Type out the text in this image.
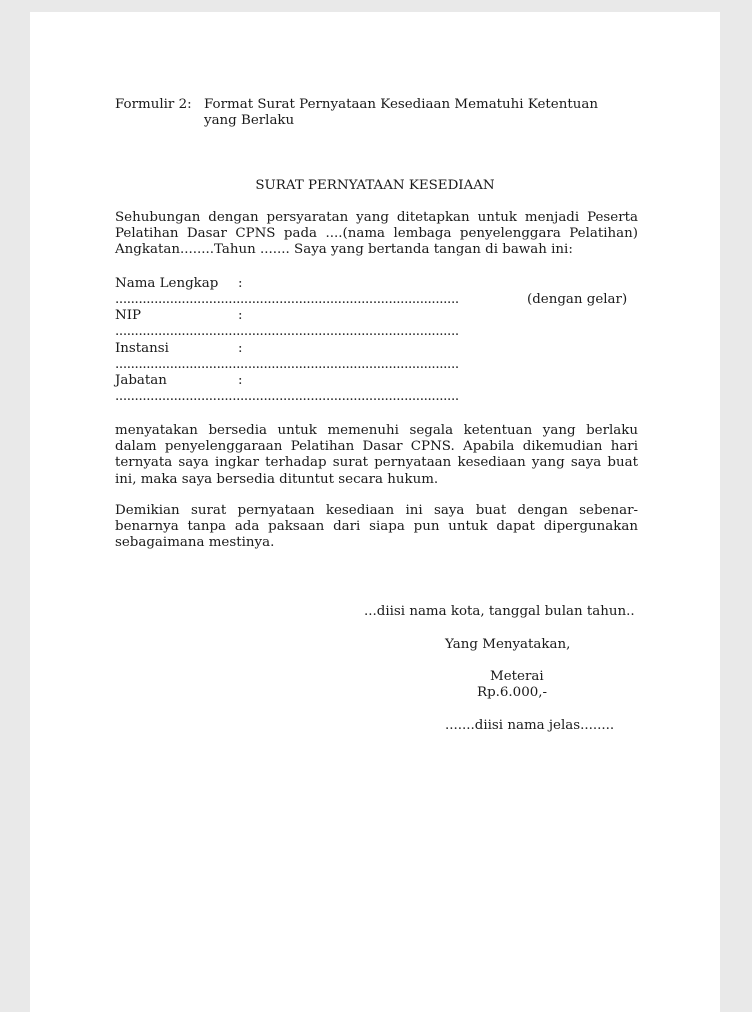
Formulir 2: Format Surat Pernyataan Kesediaan Mematuhi Ketentuan
yang Berlaku
SURAT PERNYATAAN KESEDIAAN
Sehubungan dengan persyaratan yang ditetapkan untuk menjadi Peserta Pelatihan Dasar CPNS pada ....(nama lembaga penyelenggara Pelatihan) Angkatan........Tahun ....... Saya yang bertanda tangan di bawah ini:
Nama Lengkap :
........................................................................................	(dengan gelar)
NIP	:
........................................................................................
Instansi	:
........................................................................................
Jabatan	:
........................................................................................
menyatakan bersedia untuk memenuhi segala ketentuan yang berlaku dalam penyelenggaraan Pelatihan Dasar CPNS. Apabila dikemudian hari ternyata saya ingkar terhadap surat pernyataan kesediaan yang saya buat ini, maka saya bersedia dituntut secara hukum.
Demikian surat pernyataan kesediaan ini saya buat dengan sebenar-benarnya tanpa ada paksaan dari siapa pun untuk dapat dipergunakan sebagaimana mestinya.
...diisi nama kota, tanggal bulan tahun..
Yang Menyatakan,
Meterai
Rp.6.000,-
.......diisi nama jelas........
